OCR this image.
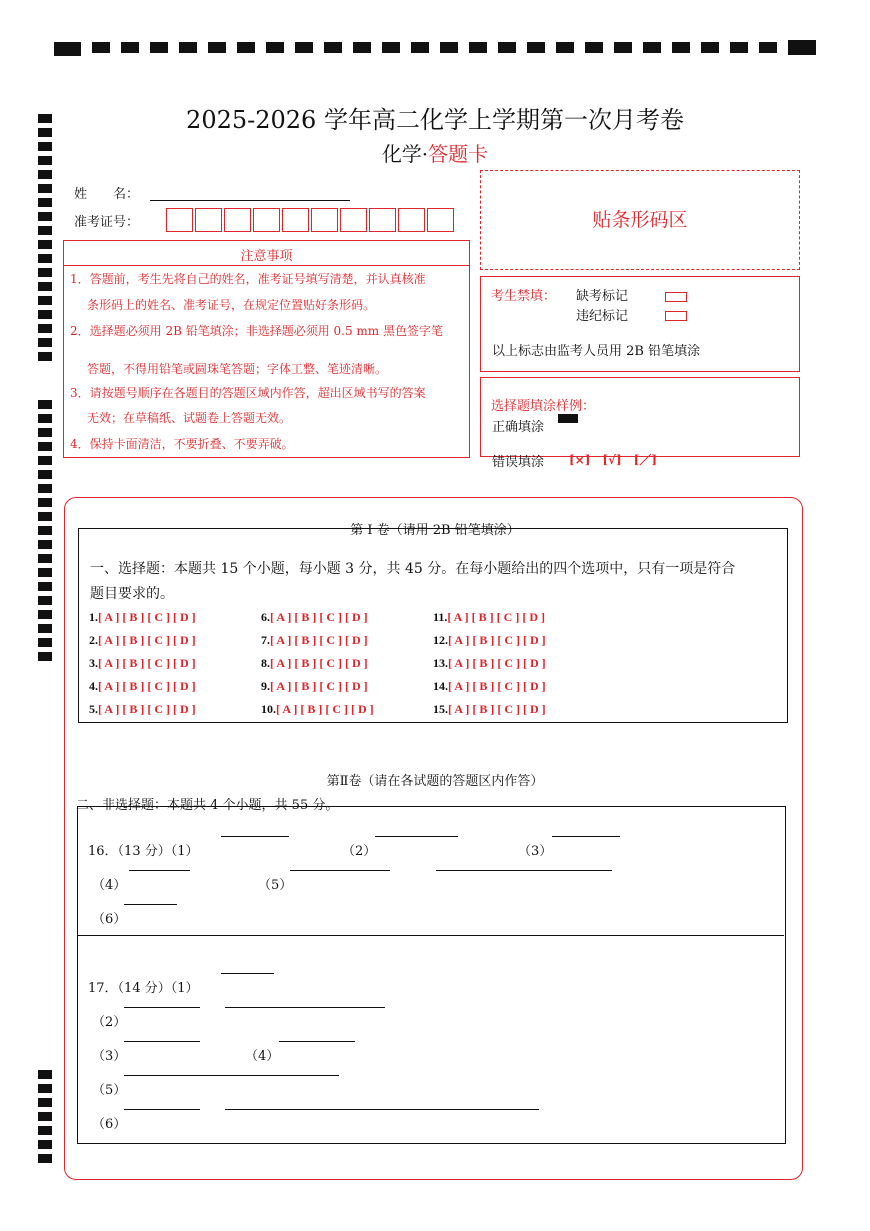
2025-2026 学年高二化学上学期第一次月考卷
化学·答题卡
姓　　名：
准考证号：	贴条形码区
注意事项
1．答题前，考生先将自己的姓名，准考证号填写清楚，并认真核准
条形码上的姓名、准考证号，在规定位置贴好条形码。
2．选择题必须用 2B 铅笔填涂；非选择题必须用 0.5 mm 黑色签字笔
答题，不得用铅笔或圆珠笔答题；字体工整、笔迹清晰。
3．请按题号顺序在各题目的答题区域内作答，超出区域书写的答案
无效；在草稿纸、试题卷上答题无效。
4．保持卡面清洁，不要折叠、不要弄破。
考生禁填： 缺考标记
违纪标记
以上标志由监考人员用 2B 铅笔填涂
选择题填涂样例：
正确填涂
错误填涂 [×]　[√]　[／]
第 I 卷（请用 2B 铅笔填涂）
一、选择题：本题共 15 个小题，每小题 3 分，共 45 分。在每小题给出的四个选项中，只有一项是符合
题目要求的。
1.[ A ] [ B ] [ C ] [ D ]
2.[ A ] [ B ] [ C ] [ D ]
3.[ A ] [ B ] [ C ] [ D ]
4.[ A ] [ B ] [ C ] [ D ]
5.[ A ] [ B ] [ C ] [ D ]
6.[ A ] [ B ] [ C ] [ D ]
7.[ A ] [ B ] [ C ] [ D ]
8.[ A ] [ B ] [ C ] [ D ]
9.[ A ] [ B ] [ C ] [ D ]
10.[ A ] [ B ] [ C ] [ D ]
11.[ A ] [ B ] [ C ] [ D ]
12.[ A ] [ B ] [ C ] [ D ]
13.[ A ] [ B ] [ C ] [ D ]
14.[ A ] [ B ] [ C ] [ D ]
15.[ A ] [ B ] [ C ] [ D ]
第Ⅱ卷（请在各试题的答题区内作答）
二、非选择题：本题共 4 个小题，共 55 分。
16．（13 分）（1）	（2）	（3）
（4）	（5）
（6）
17．（14 分）（1）
（2）
（3）	（4）
（5）
（6）
